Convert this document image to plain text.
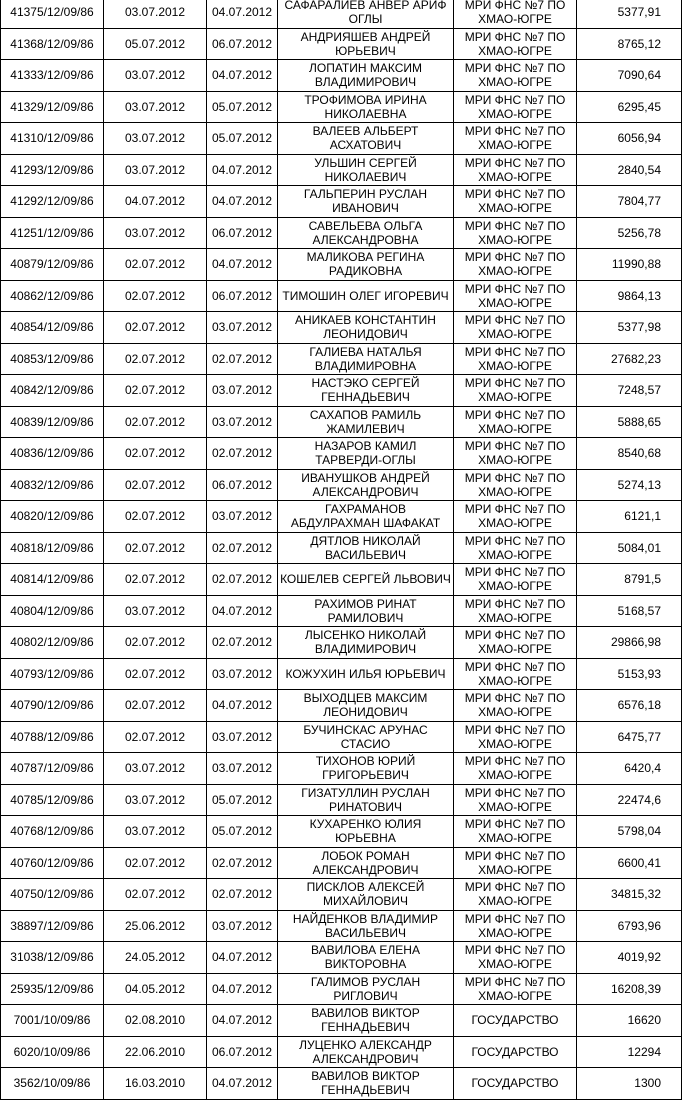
41375/12/09/86	03.07.2012	04.07.2012	САФАРАЛИЕВ АНВЕР АРИФ ОГЛЫ	МРИ ФНС №7 ПО ХМАО-ЮГРЕ	5377,91
41368/12/09/86	05.07.2012	06.07.2012	АНДРИЯШЕВ АНДРЕЙ ЮРЬЕВИЧ	МРИ ФНС №7 ПО ХМАО-ЮГРЕ	8765,12
41333/12/09/86	03.07.2012	04.07.2012	ЛОПАТИН МАКСИМ ВЛАДИМИРОВИЧ	МРИ ФНС №7 ПО ХМАО-ЮГРЕ	7090,64
41329/12/09/86	03.07.2012	05.07.2012	ТРОФИМОВА ИРИНА НИКОЛАЕВНА	МРИ ФНС №7 ПО ХМАО-ЮГРЕ	6295,45
41310/12/09/86	03.07.2012	05.07.2012	ВАЛЕЕВ АЛЬБЕРТ АСХАТОВИЧ	МРИ ФНС №7 ПО ХМАО-ЮГРЕ	6056,94
41293/12/09/86	03.07.2012	04.07.2012	УЛЬШИН СЕРГЕЙ НИКОЛАЕВИЧ	МРИ ФНС №7 ПО ХМАО-ЮГРЕ	2840,54
41292/12/09/86	04.07.2012	04.07.2012	ГАЛЬПЕРИН РУСЛАН ИВАНОВИЧ	МРИ ФНС №7 ПО ХМАО-ЮГРЕ	7804,77
41251/12/09/86	03.07.2012	06.07.2012	САВЕЛЬЕВА ОЛЬГА АЛЕКСАНДРОВНА	МРИ ФНС №7 ПО ХМАО-ЮГРЕ	5256,78
40879/12/09/86	02.07.2012	04.07.2012	МАЛИКОВА РЕГИНА РАДИКОВНА	МРИ ФНС №7 ПО ХМАО-ЮГРЕ	11990,88
40862/12/09/86	02.07.2012	06.07.2012	ТИМОШИН ОЛЕГ ИГОРЕВИЧ	МРИ ФНС №7 ПО ХМАО-ЮГРЕ	9864,13
40854/12/09/86	02.07.2012	03.07.2012	АНИКАЕВ КОНСТАНТИН ЛЕОНИДОВИЧ	МРИ ФНС №7 ПО ХМАО-ЮГРЕ	5377,98
40853/12/09/86	02.07.2012	02.07.2012	ГАЛИЕВА НАТАЛЬЯ ВЛАДИМИРОВНА	МРИ ФНС №7 ПО ХМАО-ЮГРЕ	27682,23
40842/12/09/86	02.07.2012	03.07.2012	НАСТЭКО СЕРГЕЙ ГЕННАДЬЕВИЧ	МРИ ФНС №7 ПО ХМАО-ЮГРЕ	7248,57
40839/12/09/86	02.07.2012	03.07.2012	САХАПОВ РАМИЛЬ ЖАМИЛЕВИЧ	МРИ ФНС №7 ПО ХМАО-ЮГРЕ	5888,65
40836/12/09/86	02.07.2012	02.07.2012	НАЗАРОВ КАМИЛ ТАРВЕРДИ-ОГЛЫ	МРИ ФНС №7 ПО ХМАО-ЮГРЕ	8540,68
40832/12/09/86	02.07.2012	06.07.2012	ИВАНУШКОВ АНДРЕЙ АЛЕКСАНДРОВИЧ	МРИ ФНС №7 ПО ХМАО-ЮГРЕ	5274,13
40820/12/09/86	02.07.2012	03.07.2012	ГАХРАМАНОВ АБДУЛРАХМАН ШАФАКАТ	МРИ ФНС №7 ПО ХМАО-ЮГРЕ	6121,1
40818/12/09/86	02.07.2012	02.07.2012	ДЯТЛОВ НИКОЛАЙ ВАСИЛЬЕВИЧ	МРИ ФНС №7 ПО ХМАО-ЮГРЕ	5084,01
40814/12/09/86	02.07.2012	02.07.2012	КОШЕЛЕВ СЕРГЕЙ ЛЬВОВИЧ	МРИ ФНС №7 ПО ХМАО-ЮГРЕ	8791,5
40804/12/09/86	03.07.2012	04.07.2012	РАХИМОВ РИНАТ РАМИЛОВИЧ	МРИ ФНС №7 ПО ХМАО-ЮГРЕ	5168,57
40802/12/09/86	02.07.2012	02.07.2012	ЛЫСЕНКО НИКОЛАЙ ВЛАДИМИРОВИЧ	МРИ ФНС №7 ПО ХМАО-ЮГРЕ	29866,98
40793/12/09/86	02.07.2012	03.07.2012	КОЖУХИН ИЛЬЯ ЮРЬЕВИЧ	МРИ ФНС №7 ПО ХМАО-ЮГРЕ	5153,93
40790/12/09/86	02.07.2012	04.07.2012	ВЫХОДЦЕВ МАКСИМ ЛЕОНИДОВИЧ	МРИ ФНС №7 ПО ХМАО-ЮГРЕ	6576,18
40788/12/09/86	02.07.2012	03.07.2012	БУЧИНСКАС АРУНАС СТАСИО	МРИ ФНС №7 ПО ХМАО-ЮГРЕ	6475,77
40787/12/09/86	03.07.2012	03.07.2012	ТИХОНОВ ЮРИЙ ГРИГОРЬЕВИЧ	МРИ ФНС №7 ПО ХМАО-ЮГРЕ	6420,4
40785/12/09/86	03.07.2012	05.07.2012	ГИЗАТУЛЛИН РУСЛАН РИНАТОВИЧ	МРИ ФНС №7 ПО ХМАО-ЮГРЕ	22474,6
40768/12/09/86	03.07.2012	05.07.2012	КУХАРЕНКО ЮЛИЯ ЮРЬЕВНА	МРИ ФНС №7 ПО ХМАО-ЮГРЕ	5798,04
40760/12/09/86	02.07.2012	02.07.2012	ЛОБОК РОМАН АЛЕКСАНДРОВИЧ	МРИ ФНС №7 ПО ХМАО-ЮГРЕ	6600,41
40750/12/09/86	02.07.2012	02.07.2012	ПИСКЛОВ АЛЕКСЕЙ МИХАЙЛОВИЧ	МРИ ФНС №7 ПО ХМАО-ЮГРЕ	34815,32
38897/12/09/86	25.06.2012	03.07.2012	НАЙДЕНКОВ ВЛАДИМИР ВАСИЛЬЕВИЧ	МРИ ФНС №7 ПО ХМАО-ЮГРЕ	6793,96
31038/12/09/86	24.05.2012	04.07.2012	ВАВИЛОВА ЕЛЕНА ВИКТОРОВНА	МРИ ФНС №7 ПО ХМАО-ЮГРЕ	4019,92
25935/12/09/86	04.05.2012	04.07.2012	ГАЛИМОВ РУСЛАН РИГЛОВИЧ	МРИ ФНС №7 ПО ХМАО-ЮГРЕ	16208,39
7001/10/09/86	02.08.2010	04.07.2012	ВАВИЛОВ ВИКТОР ГЕННАДЬЕВИЧ	ГОСУДАРСТВО	16620
6020/10/09/86	22.06.2010	06.07.2012	ЛУЦЕНКО АЛЕКСАНДР АЛЕКСАНДРОВИЧ	ГОСУДАРСТВО	12294
3562/10/09/86	16.03.2010	04.07.2012	ВАВИЛОВ ВИКТОР ГЕННАДЬЕВИЧ	ГОСУДАРСТВО	1300
